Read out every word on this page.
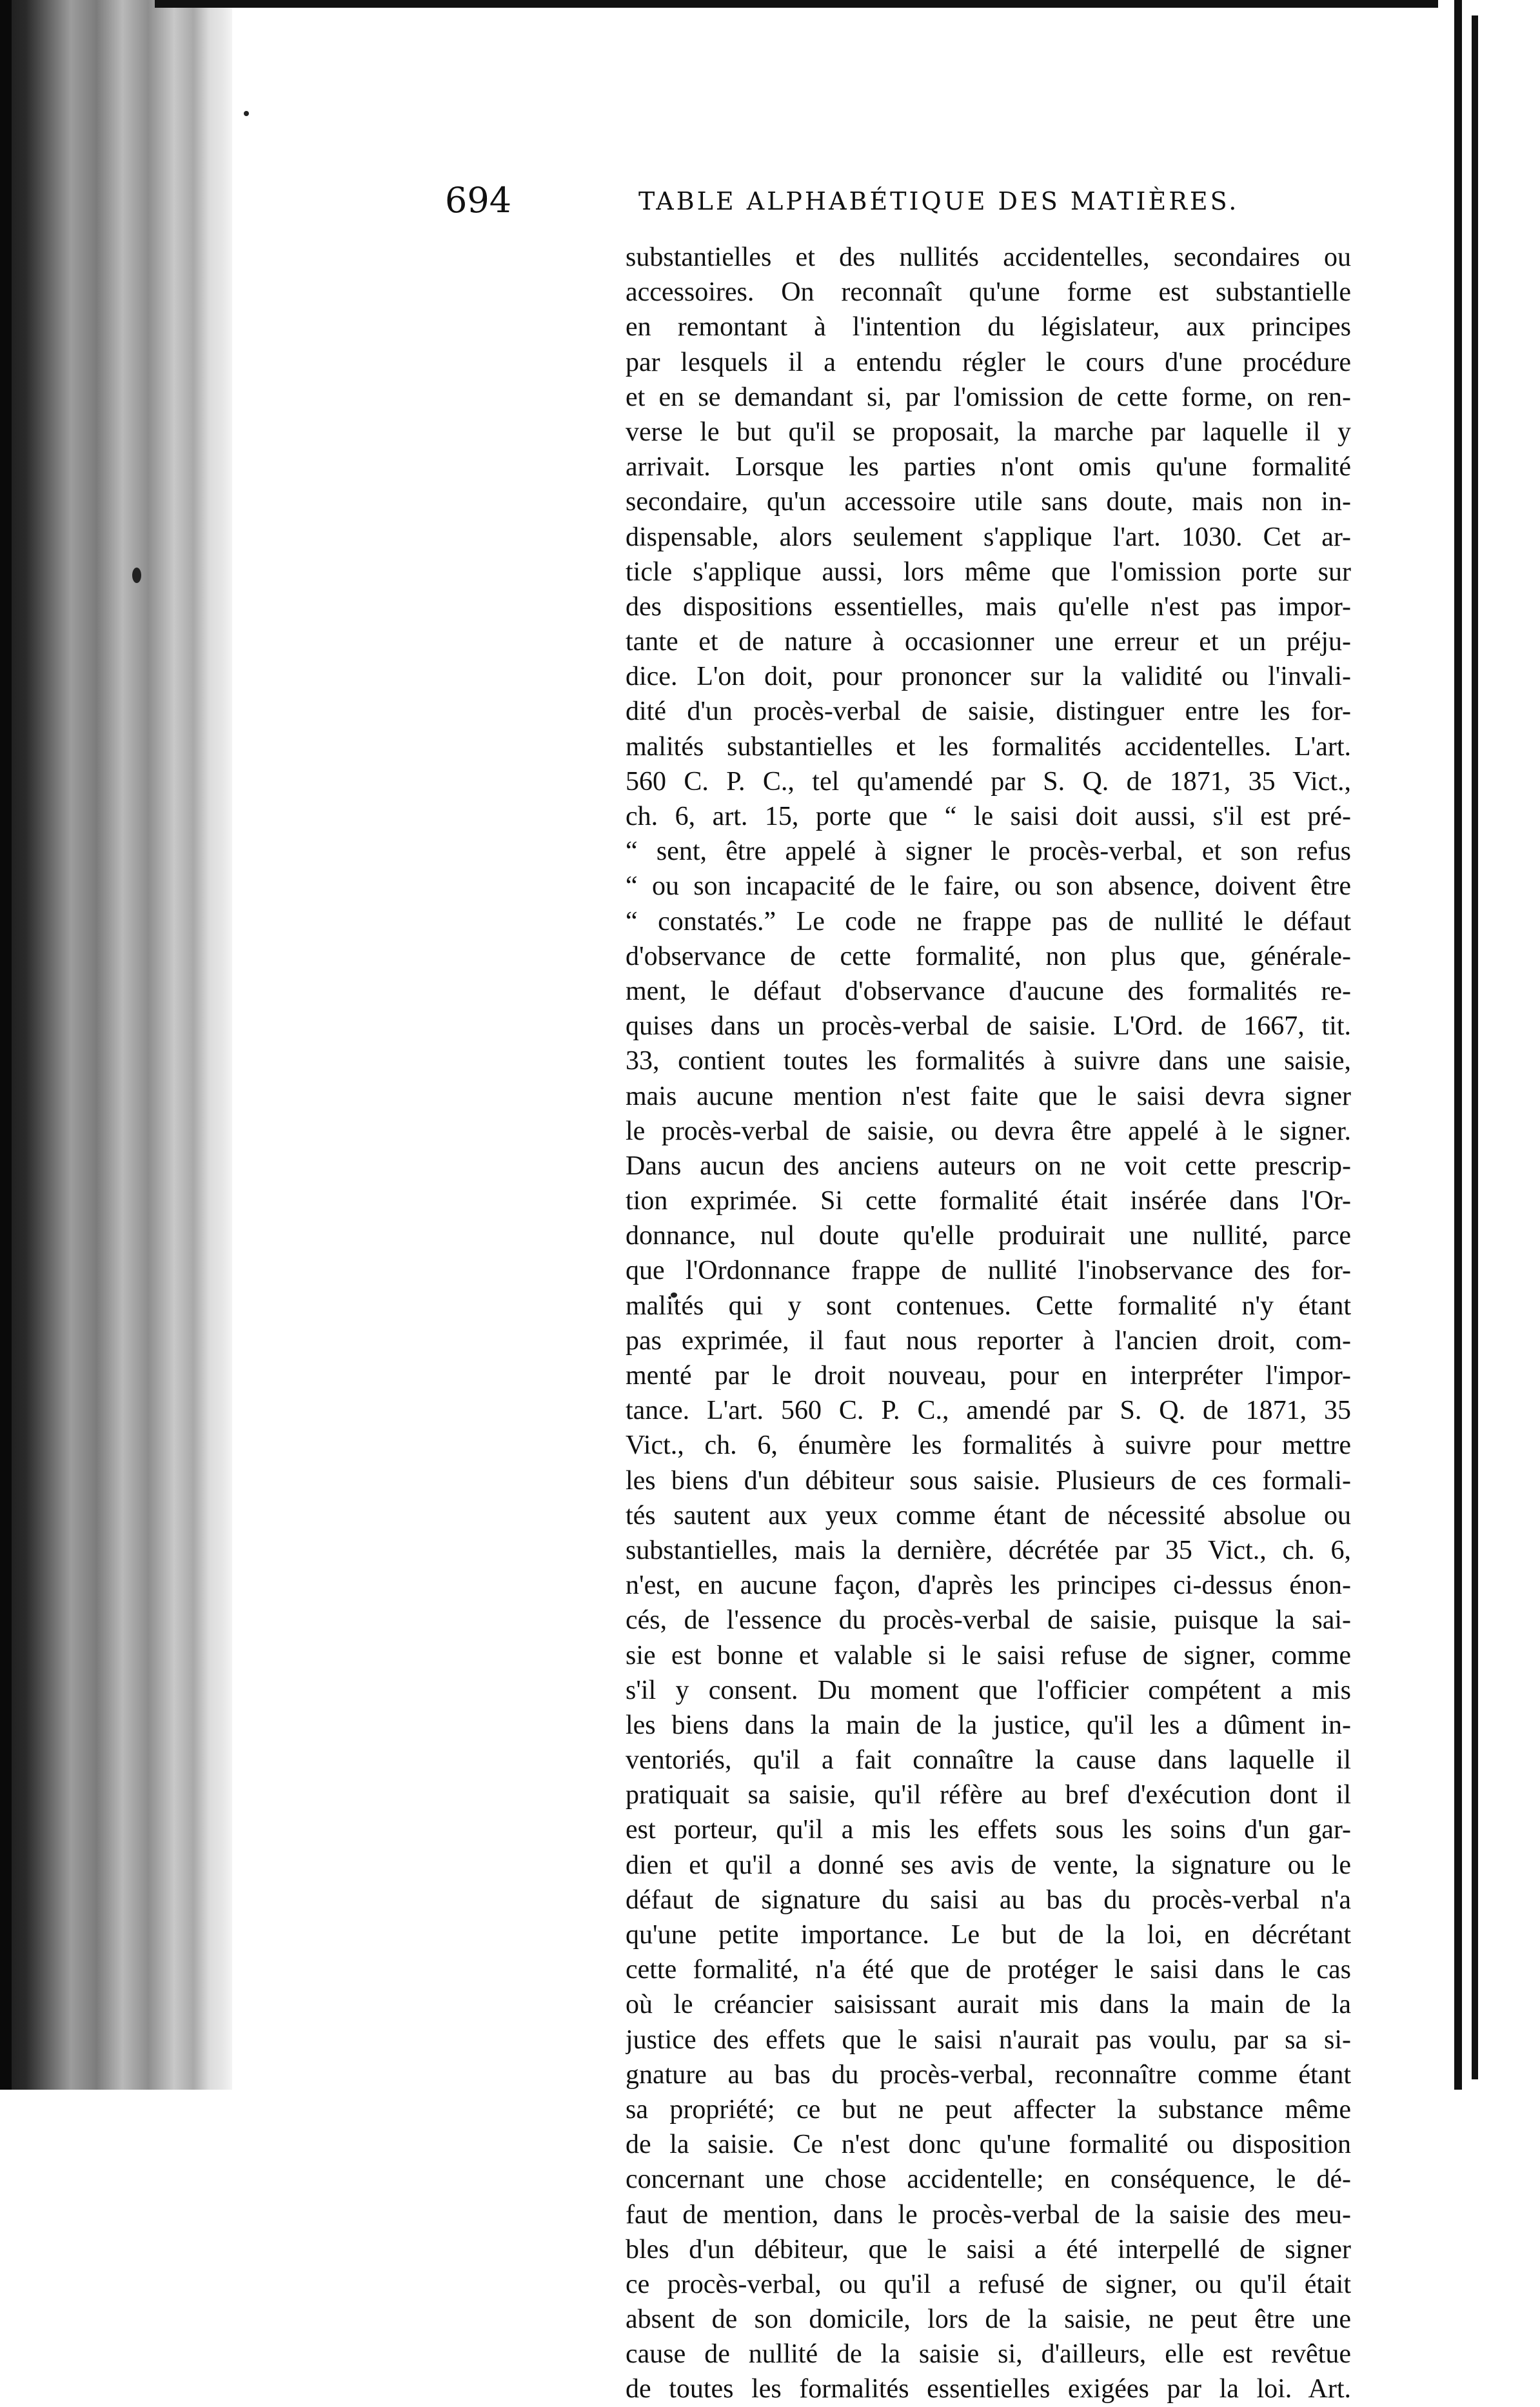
694	TABLE ALPHABÉTIQUE DES MATIÈRES.
substantielles et des nullités accidentelles, secondaires ou
accessoires. On reconnaît qu'une forme est substantielle
en remontant à l'intention du législateur, aux principes
par lesquels il a entendu régler le cours d'une procédure
et en se demandant si, par l'omission de cette forme, on ren-
verse le but qu'il se proposait, la marche par laquelle il y
arrivait. Lorsque les parties n'ont omis qu'une formalité
secondaire, qu'un accessoire utile sans doute, mais non in-
dispensable, alors seulement s'applique l'art. 1030. Cet ar-
ticle s'applique aussi, lors même que l'omission porte sur
des dispositions essentielles, mais qu'elle n'est pas impor-
tante et de nature à occasionner une erreur et un préju-
dice. L'on doit, pour prononcer sur la validité ou l'invali-
dité d'un procès-verbal de saisie, distinguer entre les for-
malités substantielles et les formalités accidentelles. L'art.
560 C. P. C., tel qu'amendé par S. Q. de 1871, 35 Vict.,
ch. 6, art. 15, porte que “ le saisi doit aussi, s'il est pré-
“ sent, être appelé à signer le procès-verbal, et son refus
“ ou son incapacité de le faire, ou son absence, doivent être
“ constatés.” Le code ne frappe pas de nullité le défaut
d'observance de cette formalité, non plus que, générale-
ment, le défaut d'observance d'aucune des formalités re-
quises dans un procès-verbal de saisie. L'Ord. de 1667, tit.
33, contient toutes les formalités à suivre dans une saisie,
mais aucune mention n'est faite que le saisi devra signer
le procès-verbal de saisie, ou devra être appelé à le signer.
Dans aucun des anciens auteurs on ne voit cette prescrip-
tion exprimée. Si cette formalité était insérée dans l'Or-
donnance, nul doute qu'elle produirait une nullité, parce
que l'Ordonnance frappe de nullité l'inobservance des for-
malités qui y sont contenues. Cette formalité n'y étant
pas exprimée, il faut nous reporter à l'ancien droit, com-
menté par le droit nouveau, pour en interpréter l'impor-
tance. L'art. 560 C. P. C., amendé par S. Q. de 1871, 35
Vict., ch. 6, énumère les formalités à suivre pour mettre
les biens d'un débiteur sous saisie. Plusieurs de ces formali-
tés sautent aux yeux comme étant de nécessité absolue ou
substantielles, mais la dernière, décrétée par 35 Vict., ch. 6,
n'est, en aucune façon, d'après les principes ci-dessus énon-
cés, de l'essence du procès-verbal de saisie, puisque la sai-
sie est bonne et valable si le saisi refuse de signer, comme
s'il y consent. Du moment que l'officier compétent a mis
les biens dans la main de la justice, qu'il les a dûment in-
ventoriés, qu'il a fait connaître la cause dans laquelle il
pratiquait sa saisie, qu'il réfère au bref d'exécution dont il
est porteur, qu'il a mis les effets sous les soins d'un gar-
dien et qu'il a donné ses avis de vente, la signature ou le
défaut de signature du saisi au bas du procès-verbal n'a
qu'une petite importance. Le but de la loi, en décrétant
cette formalité, n'a été que de protéger le saisi dans le cas
où le créancier saisissant aurait mis dans la main de la
justice des effets que le saisi n'aurait pas voulu, par sa si-
gnature au bas du procès-verbal, reconnaître comme étant
sa propriété; ce but ne peut affecter la substance même
de la saisie. Ce n'est donc qu'une formalité ou disposition
concernant une chose accidentelle; en conséquence, le dé-
faut de mention, dans le procès-verbal de la saisie des meu-
bles d'un débiteur, que le saisi a été interpellé de signer
ce procès-verbal, ou qu'il a refusé de signer, ou qu'il était
absent de son domicile, lors de la saisie, ne peut être une
cause de nullité de la saisie si, d'ailleurs, elle est revêtue
de toutes les formalités essentielles exigées par la loi. Art.
